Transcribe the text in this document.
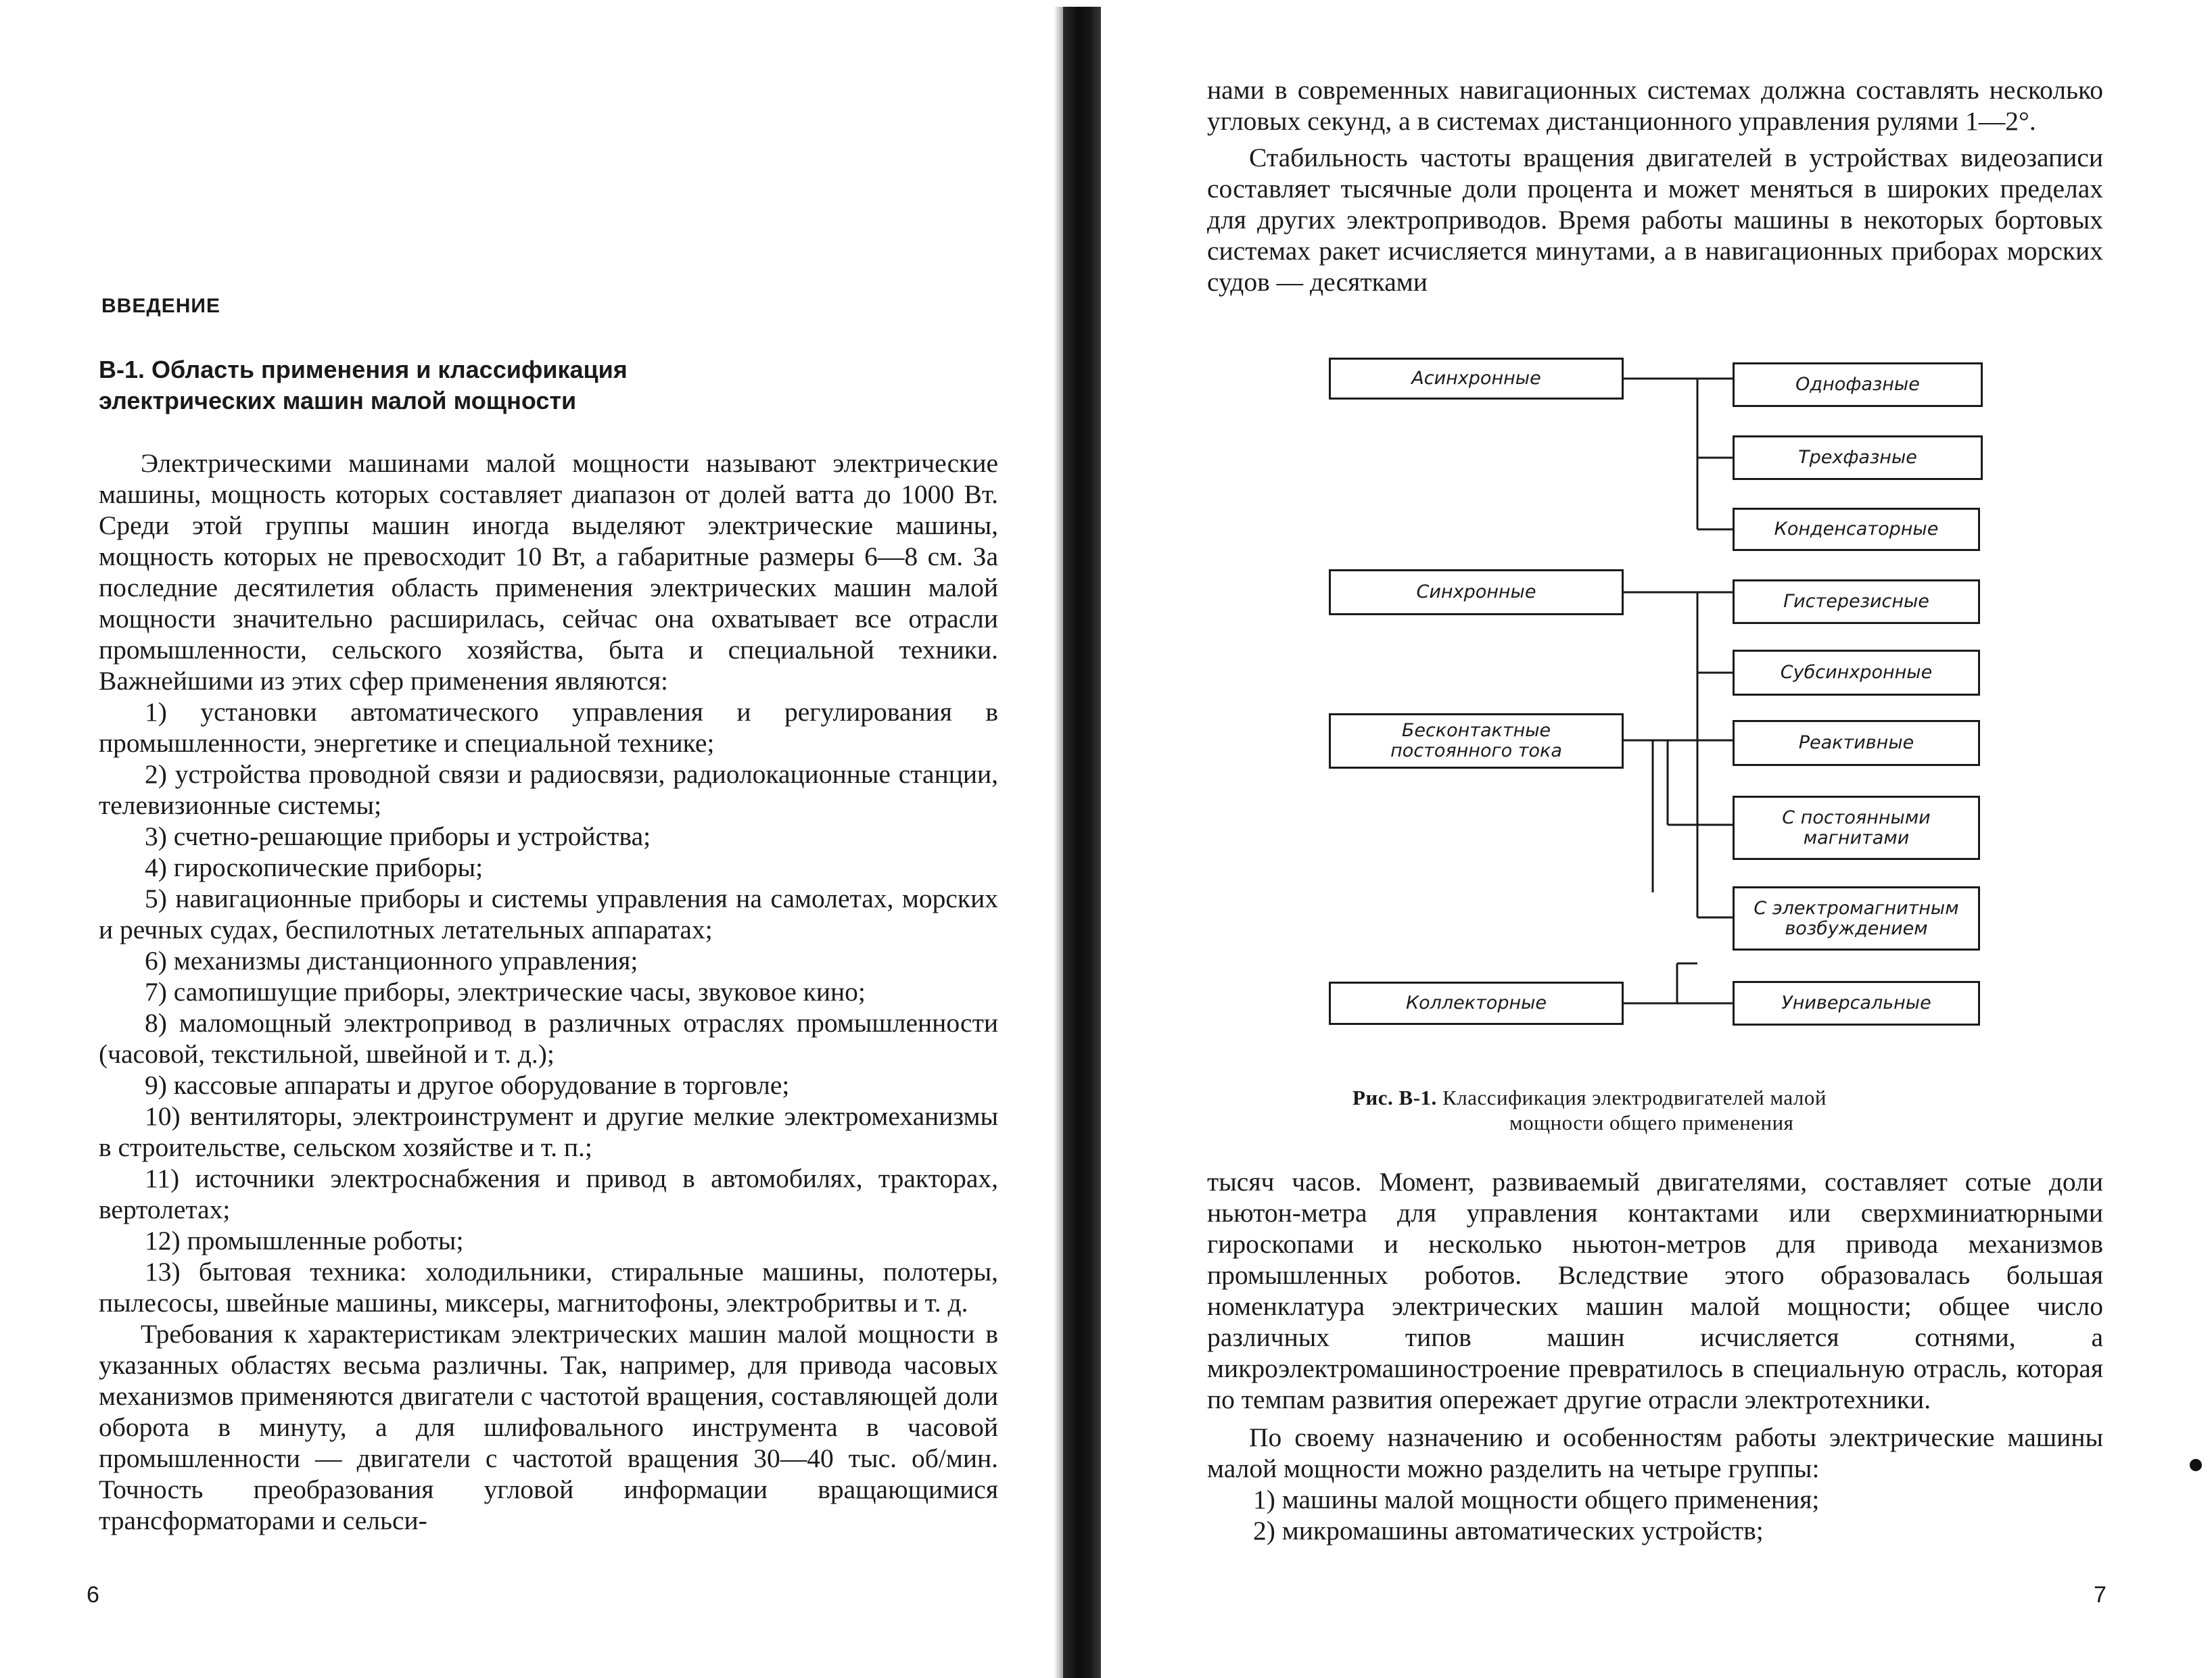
ВВЕДЕНИЕ
В-1. Область применения и классификация
электрических машин малой мощности

Электрическими машинами малой мощности называют электрические машины, мощность которых составляет диапазон от долей ватта до 1000 Вт. Среди этой группы машин иногда выделяют электрические машины, мощность которых не превосходит 10 Вт, а габаритные размеры 6—8 см. За последние десятилетия область применения электрических машин малой мощности значительно расширилась, сейчас она охватывает все отрасли промышленности, сельского хозяйства, быта и специальной техники. Важнейшими из этих сфер применения являются:

1) установки автоматического управления и регулирования в промышленности, энергетике и специальной технике;

2) устройства проводной связи и радиосвязи, радиолокационные станции, телевизионные системы;

3) счетно-решающие приборы и устройства;

4) гироскопические приборы;

5) навигационные приборы и системы управления на самолетах, морских и речных судах, беспилотных летательных аппаратах;

6) механизмы дистанционного управления;

7) самопишущие приборы, электрические часы, звуковое кино;

8) маломощный электропривод в различных отраслях промышленности (часовой, текстильной, швейной и т. д.);

9) кассовые аппараты и другое оборудование в торговле;

10) вентиляторы, электроинструмент и другие мелкие электромеханизмы в строительстве, сельском хозяйстве и т. п.;

11) источники электроснабжения и привод в автомобилях, тракторах, вертолетах;

12) промышленные роботы;

13) бытовая техника: холодильники, стиральные машины, полотеры, пылесосы, швейные машины, миксеры, магнитофоны, электробритвы и т. д.

Требования к характеристикам электрических машин малой мощности в указанных областях весьма различны. Так, например, для привода часовых механизмов применяются двигатели с частотой вращения, составляющей доли оборота в минуту, а для шлифовального инструмента в часовой промышленности — двигатели с частотой вращения 30—40 тыс. об/мин. Точность преобразования угловой информации вращающимися трансформаторами и сельси-

6

нами в современных навигационных системах должна составлять несколько угловых секунд, а в системах дистанционного управления рулями 1—2°.

Стабильность частоты вращения двигателей в устройствах видеозаписи составляет тысячные доли процента и может меняться в широких пределах для других электроприводов. Время работы машины в некоторых бортовых системах ракет исчисляется минутами, а в навигационных приборах морских судов — десятками

Асинхронные
Синхронные
Бесконтактные
постоянного тока
Коллекторные
Однофазные
Трехфазные
Конденсаторные
Гистерезисные
Субсинхронные
Реактивные
С постоянными
магнитами
С электромагнитным
возбуждением
Универсальные
Рис. В-1. Классификация электродвигателей малой
мощности общего применения

тысяч часов. Момент, развиваемый двигателями, составляет сотые доли ньютон-метра для управления контактами или сверхминиатюрными гироскопами и несколько ньютон-метров для привода механизмов промышленных роботов. Вследствие этого образовалась большая номенклатура электрических машин малой мощности; общее число различных типов машин исчисляется сотнями, а микроэлектромашиностроение превратилось в специальную отрасль, которая по темпам развития опережает другие отрасли электротехники.

По своему назначению и особенностям работы электрические машины малой мощности можно разделить на четыре группы:

1) машины малой мощности общего применения;

2) микромашины автоматических устройств;

7
